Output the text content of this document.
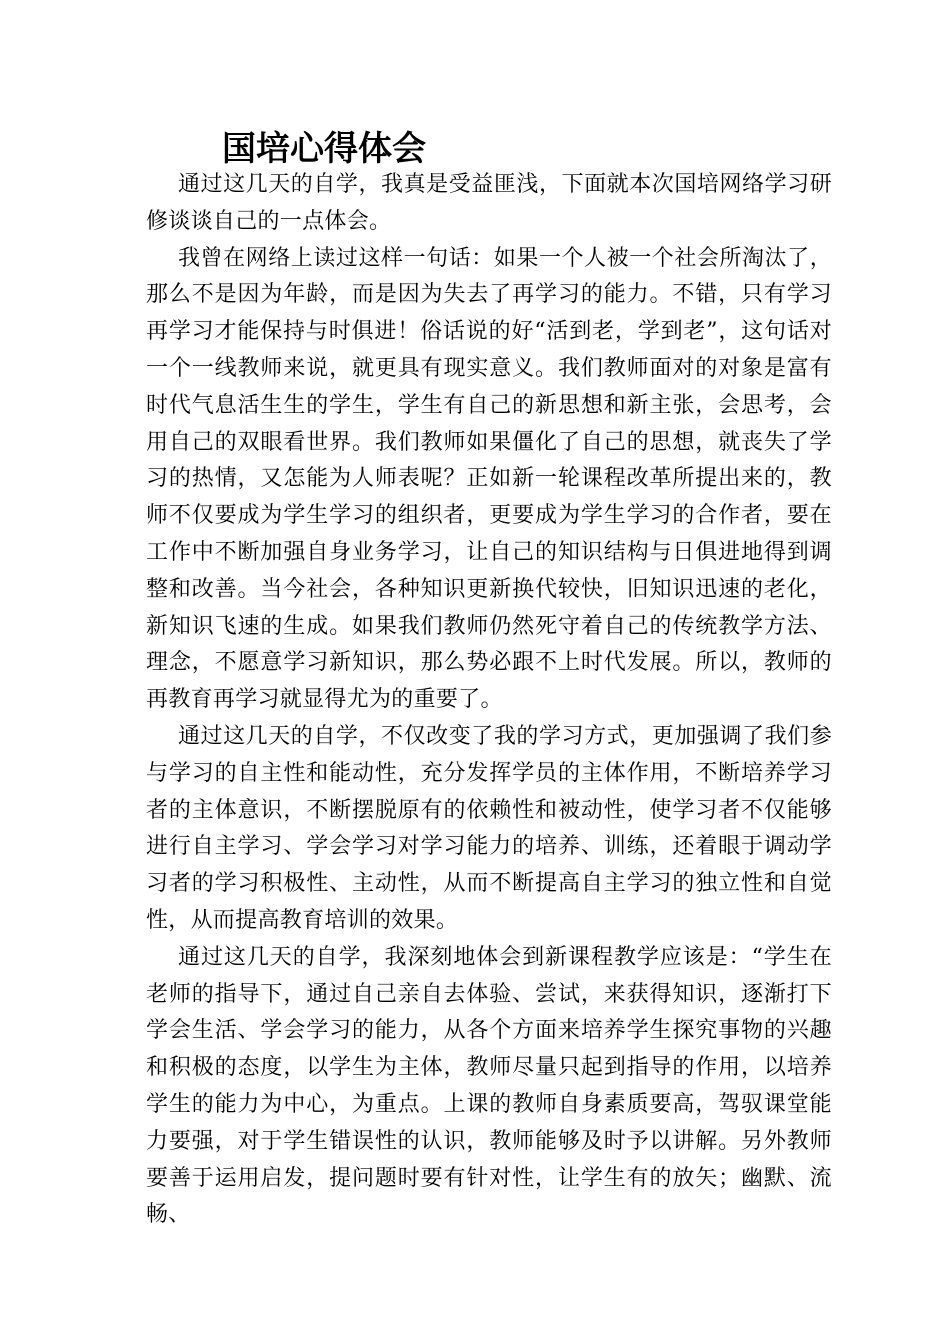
国培心得体会

通过这几天的自学，我真是受益匪浅，下面就本次国培网络学习研修谈谈自己的一点体会。

我曾在网络上读过这样一句话：如果一个人被一个社会所淘汰了，那么不是因为年龄，而是因为失去了再学习的能力。不错，只有学习再学习才能保持与时俱进！俗话说的好“活到老，学到老”，这句话对一个一线教师来说，就更具有现实意义。我们教师面对的对象是富有时代气息活生生的学生，学生有自己的新思想和新主张，会思考，会用自己的双眼看世界。我们教师如果僵化了自己的思想，就丧失了学习的热情，又怎能为人师表呢？正如新一轮课程改革所提出来的，教师不仅要成为学生学习的组织者，更要成为学生学习的合作者，要在工作中不断加强自身业务学习，让自己的知识结构与日俱进地得到调整和改善。当今社会，各种知识更新换代较快，旧知识迅速的老化，新知识飞速的生成。如果我们教师仍然死守着自己的传统教学方法、理念，不愿意学习新知识，那么势必跟不上时代发展。所以，教师的再教育再学习就显得尤为的重要了。

通过这几天的自学，不仅改变了我的学习方式，更加强调了我们参与学习的自主性和能动性，充分发挥学员的主体作用，不断培养学习者的主体意识，不断摆脱原有的依赖性和被动性，使学习者不仅能够进行自主学习、学会学习对学习能力的培养、训练，还着眼于调动学习者的学习积极性、主动性，从而不断提高自主学习的独立性和自觉性，从而提高教育培训的效果。

通过这几天的自学，我深刻地体会到新课程教学应该是：“学生在老师的指导下，通过自己亲自去体验、尝试，来获得知识，逐渐打下学会生活、学会学习的能力，从各个方面来培养学生探究事物的兴趣和积极的态度，以学生为主体，教师尽量只起到指导的作用，以培养学生的能力为中心，为重点。上课的教师自身素质要高，驾驭课堂能力要强，对于学生错误性的认识，教师能够及时予以讲解。另外教师要善于运用启发，提问题时要有针对性，让学生有的放矢；幽默、流畅、
